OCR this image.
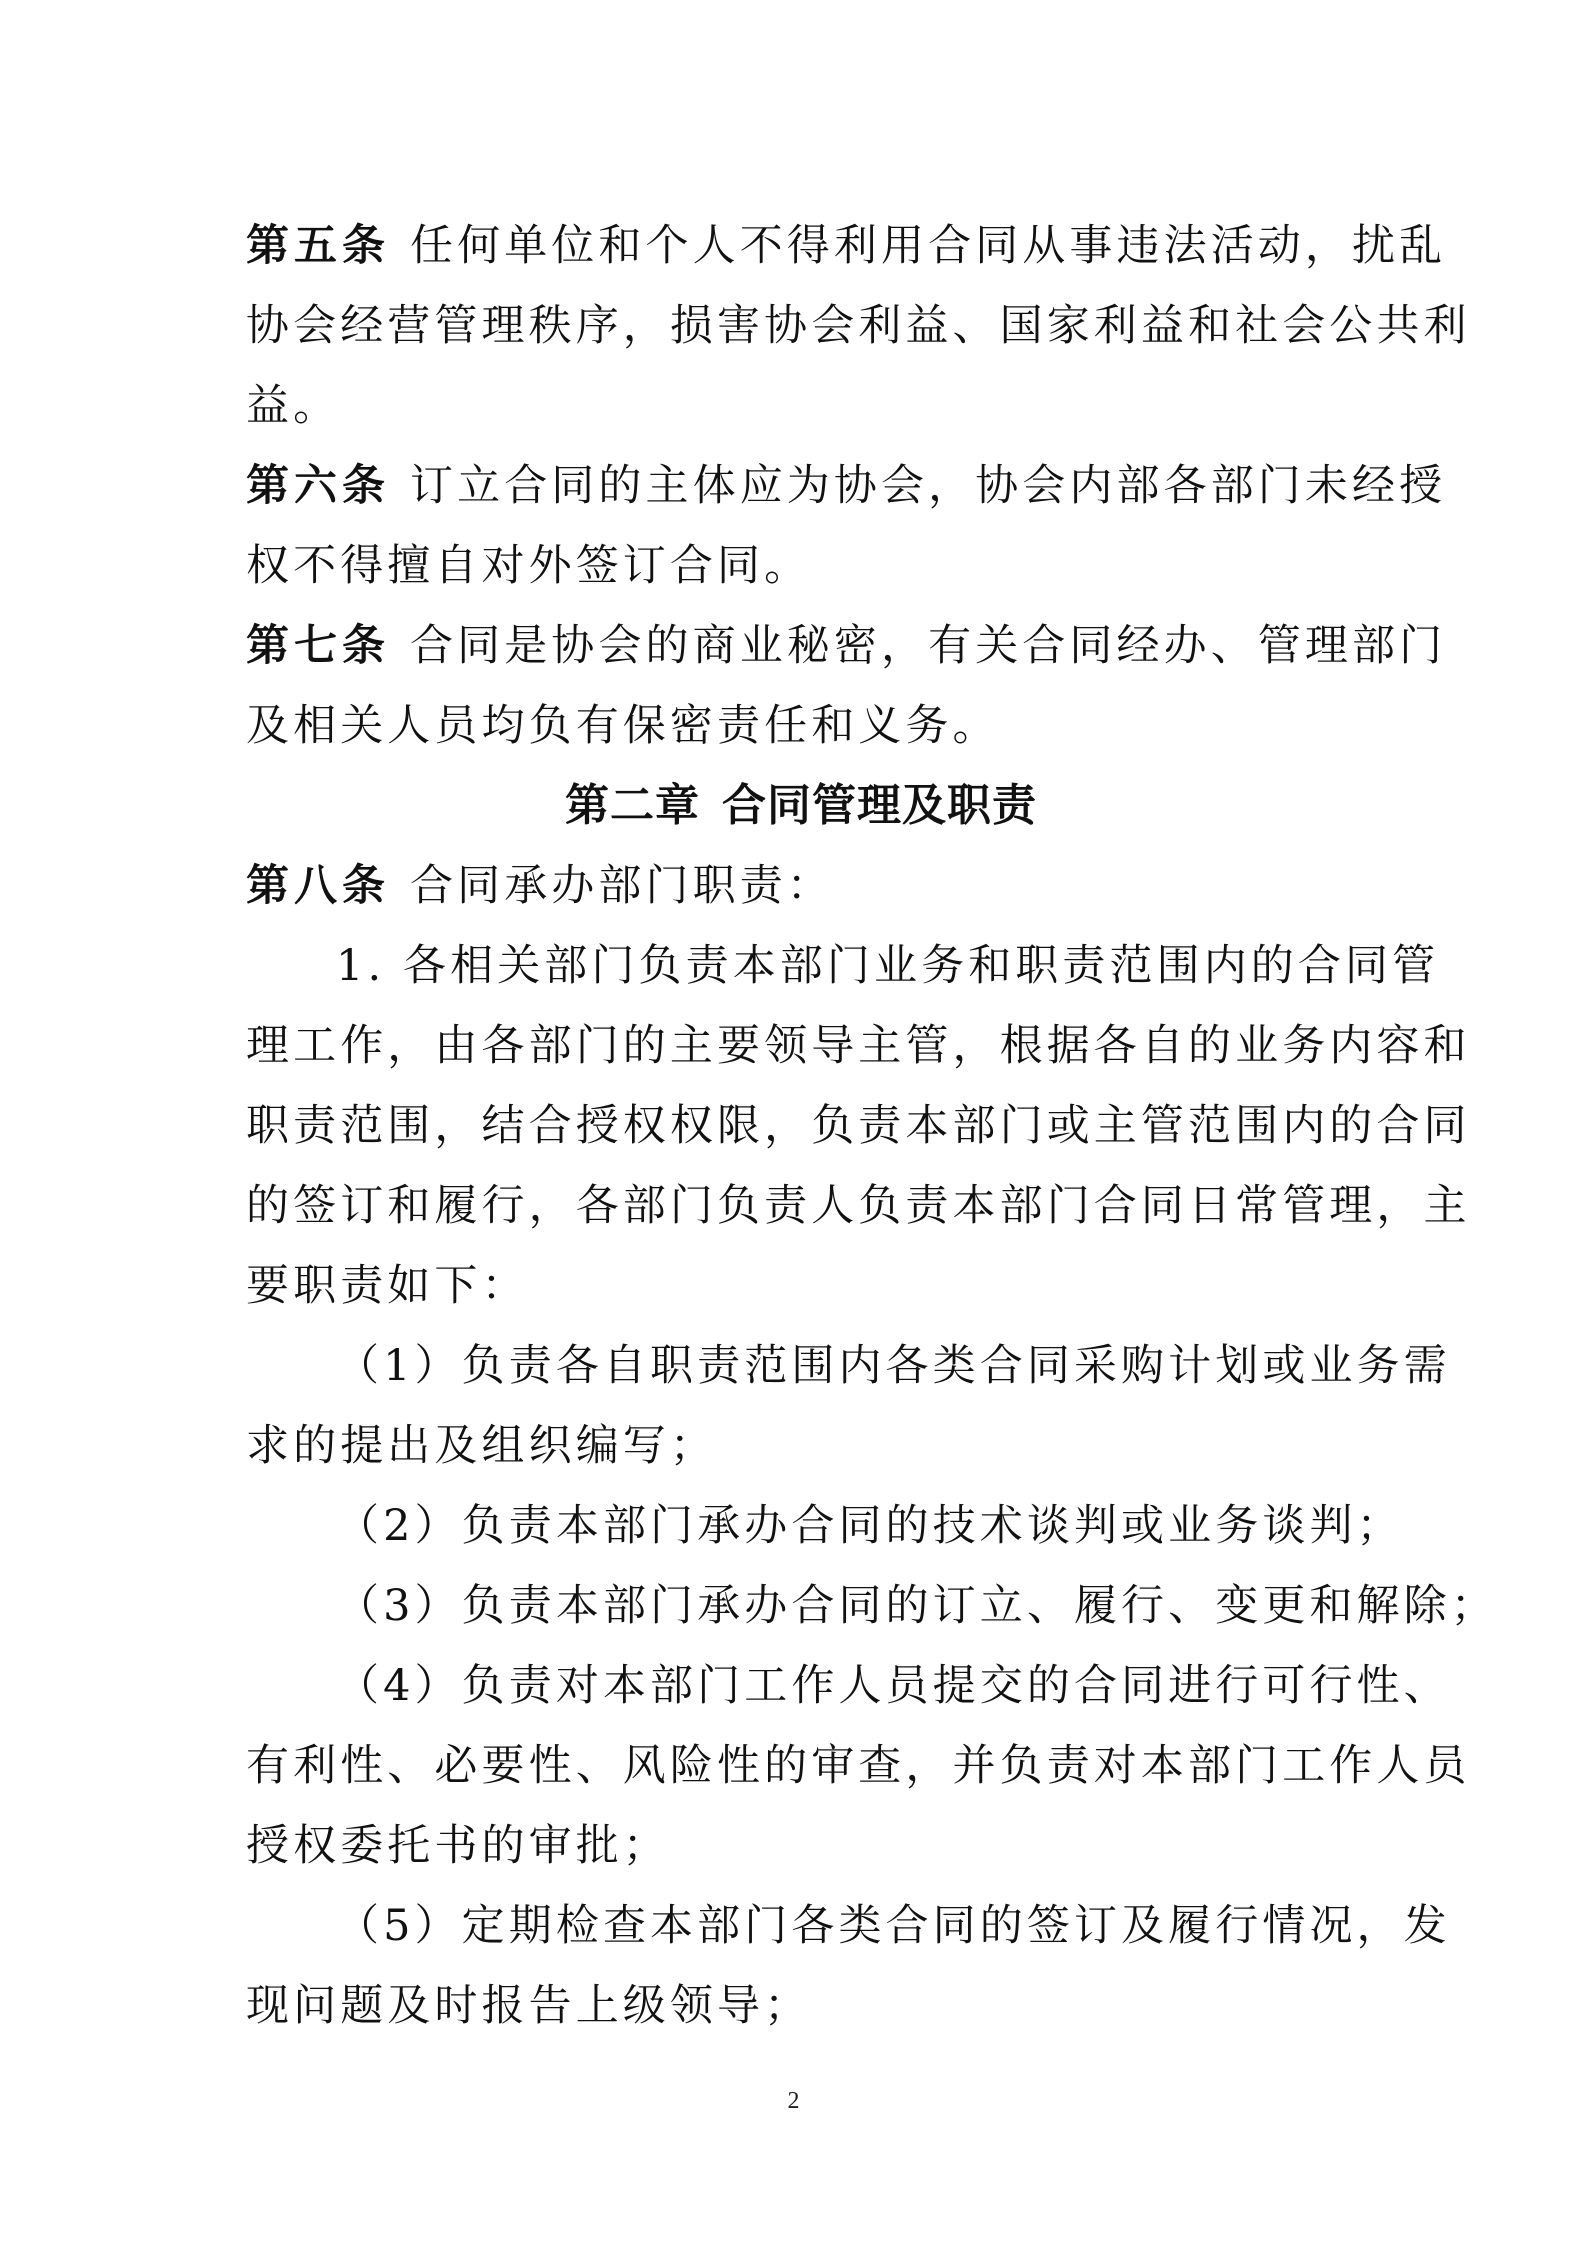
第五条 任何单位和个人不得利用合同从事违法活动，扰乱
协会经营管理秩序，损害协会利益、国家利益和社会公共利
益。
第六条 订立合同的主体应为协会，协会内部各部门未经授
权不得擅自对外签订合同。
第七条 合同是协会的商业秘密，有关合同经办、管理部门
及相关人员均负有保密责任和义务。
第二章 合同管理及职责
第八条 合同承办部门职责：
1. 各相关部门负责本部门业务和职责范围内的合同管
理工作，由各部门的主要领导主管，根据各自的业务内容和
职责范围，结合授权权限，负责本部门或主管范围内的合同
的签订和履行，各部门负责人负责本部门合同日常管理，主
要职责如下：
（1）负责各自职责范围内各类合同采购计划或业务需
求的提出及组织编写；
（2）负责本部门承办合同的技术谈判或业务谈判；
（3）负责本部门承办合同的订立、履行、变更和解除；
（4）负责对本部门工作人员提交的合同进行可行性、
有利性、必要性、风险性的审查，并负责对本部门工作人员
授权委托书的审批；
（5）定期检查本部门各类合同的签订及履行情况，发
现问题及时报告上级领导；
2
